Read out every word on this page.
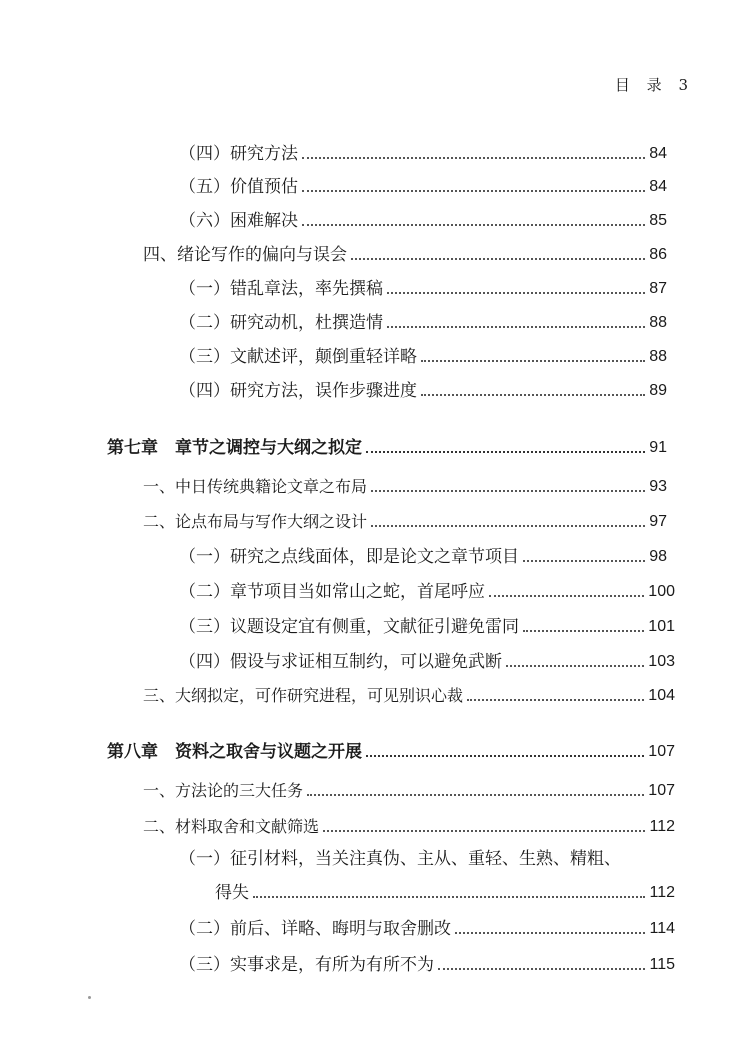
目 录 3
（四）研究方法	84
（五）价值预估	84
（六）困难解决	85
四、绪论写作的偏向与误会	86
（一）错乱章法，率先撰稿	87
（二）研究动机，杜撰造情	88
（三）文献述评，颠倒重轻详略	88
（四）研究方法，误作步骤进度	89
第七章　章节之调控与大纲之拟定	91
一、中日传统典籍论文章之布局	93
二、论点布局与写作大纲之设计	97
（一）研究之点线面体，即是论文之章节项目	98
（二）章节项目当如常山之蛇，首尾呼应	100
（三）议题设定宜有侧重，文献征引避免雷同	101
（四）假设与求证相互制约，可以避免武断	103
三、大纲拟定，可作研究进程，可见别识心裁	104
第八章　资料之取舍与议题之开展	107
一、方法论的三大任务	107
二、材料取舍和文献筛选	112
（一）征引材料，当关注真伪、主从、重轻、生熟、精粗、
得失	112
（二）前后、详略、晦明与取舍删改	114
（三）实事求是，有所为有所不为	115
